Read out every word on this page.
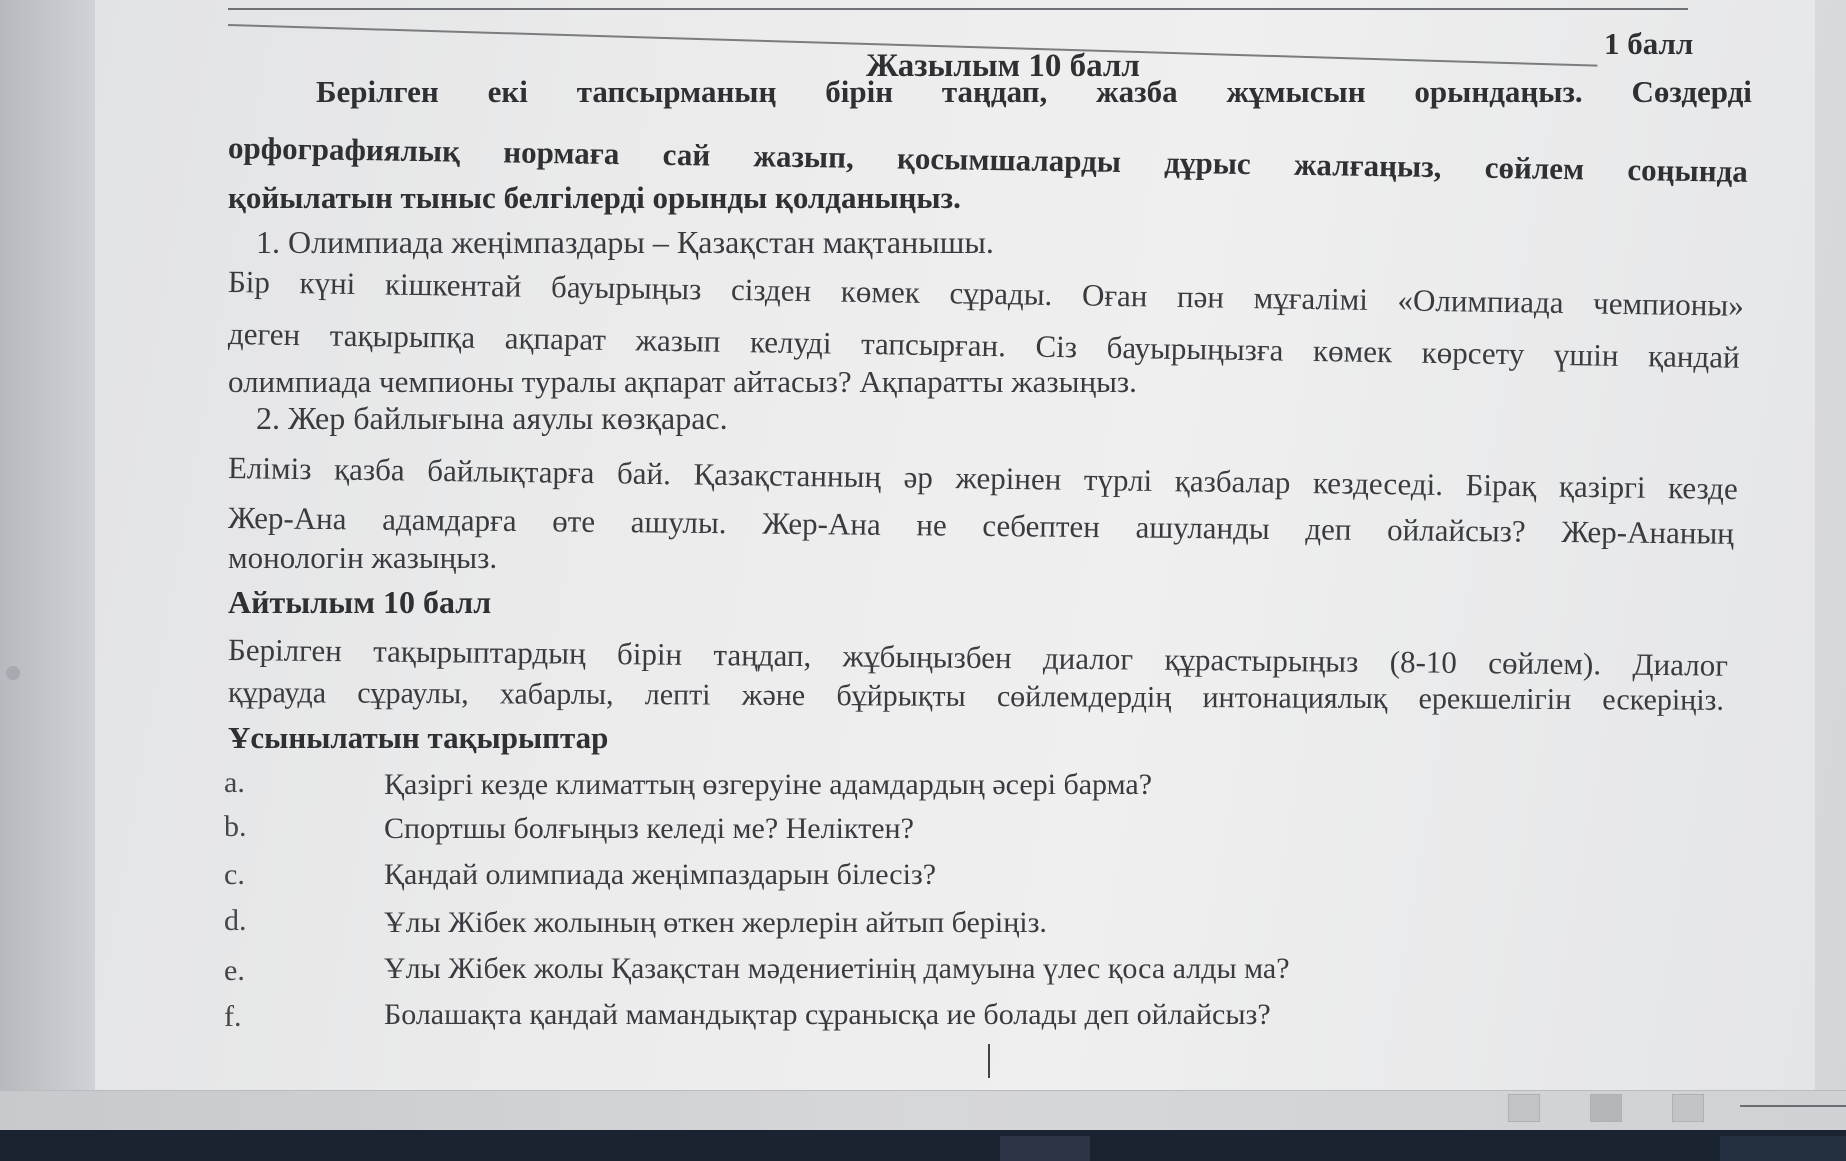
1 балл
Жазылым 10 балл
Берілген екі тапсырманың бірін таңдап, жазба жұмысын орындаңыз. Сөздерді
орфографиялық нормаға сай жазып, қосымшаларды дұрыс жалғаңыз, сөйлем соңында
қойылатын тыныс белгілерді орынды қолданыңыз.
1. Олимпиада жеңімпаздары – Қазақстан мақтанышы.
Бір күні кішкентай бауырыңыз сізден көмек сұрады. Оған пән мұғалімі «Олимпиада чемпионы»
деген тақырыпқа ақпарат жазып келуді тапсырған. Сіз бауырыңызға көмек көрсету үшін қандай
олимпиада чемпионы туралы ақпарат айтасыз? Ақпаратты жазыңыз.
2. Жер байлығына аяулы көзқарас.
Еліміз қазба байлықтарға бай. Қазақстанның әр жерінен түрлі қазбалар кездеседі. Бірақ қазіргі кезде
Жер-Ана адамдарға өте ашулы. Жер-Ана не себептен ашуланды деп ойлайсыз? Жер-Ананың
монологін жазыңыз.
Айтылым 10 балл
Берілген тақырыптардың бірін таңдап, жұбыңызбен диалог құрастырыңыз (8-10 сөйлем). Диалог
құрауда сұраулы, хабарлы, лепті және бұйрықты сөйлемдердің интонациялық ерекшелігін ескеріңіз.
Ұсынылатын тақырыптар
a.	Қазіргі кезде климаттың өзгеруіне адамдардың әсері барма?
b.	Спортшы болғыңыз келеді ме? Неліктен?
c.	Қандай олимпиада жеңімпаздарын білесіз?
d.	Ұлы Жібек жолының өткен жерлерін айтып беріңіз.
e.	Ұлы Жібек жолы Қазақстан мәдениетінің дамуына үлес қоса алды ма?
f.	Болашақта қандай мамандықтар сұранысқа ие болады деп ойлайсыз?
